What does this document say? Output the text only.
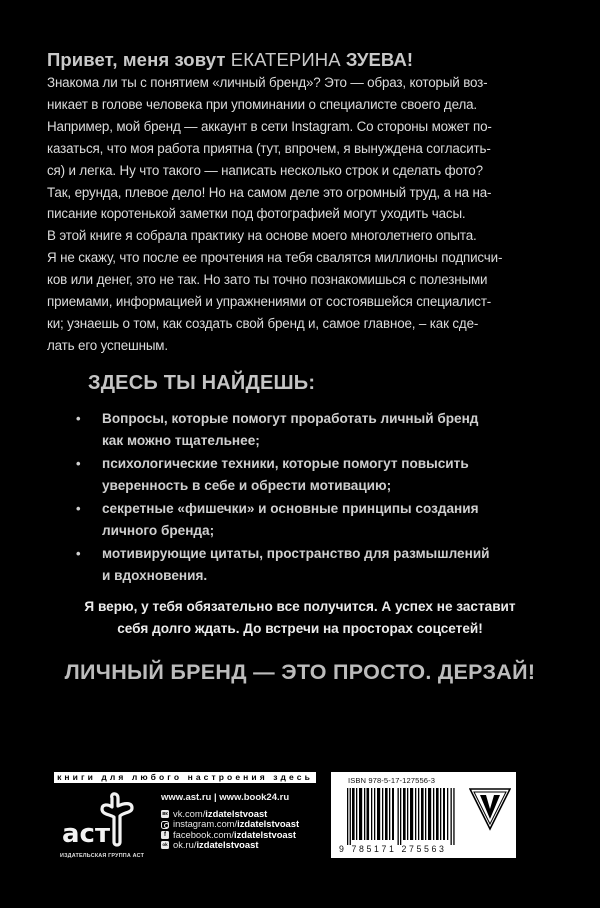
Привет, меня зовут ЕКАТЕРИНА ЗУЕВА!

Знакома ли ты с понятием «личный бренд»? Это — образ, который воз-
никает в голове человека при упоминании о специалисте своего дела.
Например, мой бренд — аккаунт в сети Instagram. Со стороны может по-
казаться, что моя работа приятна (тут, впрочем, я вынуждена согласить-
ся) и легка. Ну что такого — написать несколько строк и сделать фото?
Так, ерунда, плевое дело! Но на самом деле это огромный труд, а на на-
писание коротенькой заметки под фотографией могут уходить часы.
В этой книге я собрала практику на основе моего многолетнего опыта.
Я не скажу, что после ее прочтения на тебя свалятся миллионы подписчи-
ков или денег, это не так. Но зато ты точно познакомишься с полезными
приемами, информацией и упражнениями от состоявшейся специалист-
ки; узнаешь о том, как создать свой бренд и, самое главное, – как сде-
лать его успешным.

ЗДЕСЬ ТЫ НАЙДЕШЬ:
• Вопросы, которые помогут проработать личный бренд
как можно тщательнее;
• психологические техники, которые помогут повысить
уверенность в себе и обрести мотивацию;
• секретные «фишечки» и основные принципы создания
личного бренда;
• мотивирующие цитаты, пространство для размышлений
и вдохновения.

Я верю, у тебя обязательно все получится. А успех не заставит
себя долго ждать. До встречи на просторах соцсетей!

ЛИЧНЫЙ БРЕНД — ЭТО ПРОСТО. ДЕРЗАЙ!
книги для любого настроения здесь
аст
ИЗДАТЕЛЬСКАЯ ГРУППА АСТ
www.ast.ru | www.book24.ru
вк vk.com/ izdatelstvoast
instagram.com/ izdatelstvoast
f facebook.com/ izdatelstvoast
ok ok.ru/ izdatelstvoast
ISBN 978-5-17-127556-3
9 785171 275563
